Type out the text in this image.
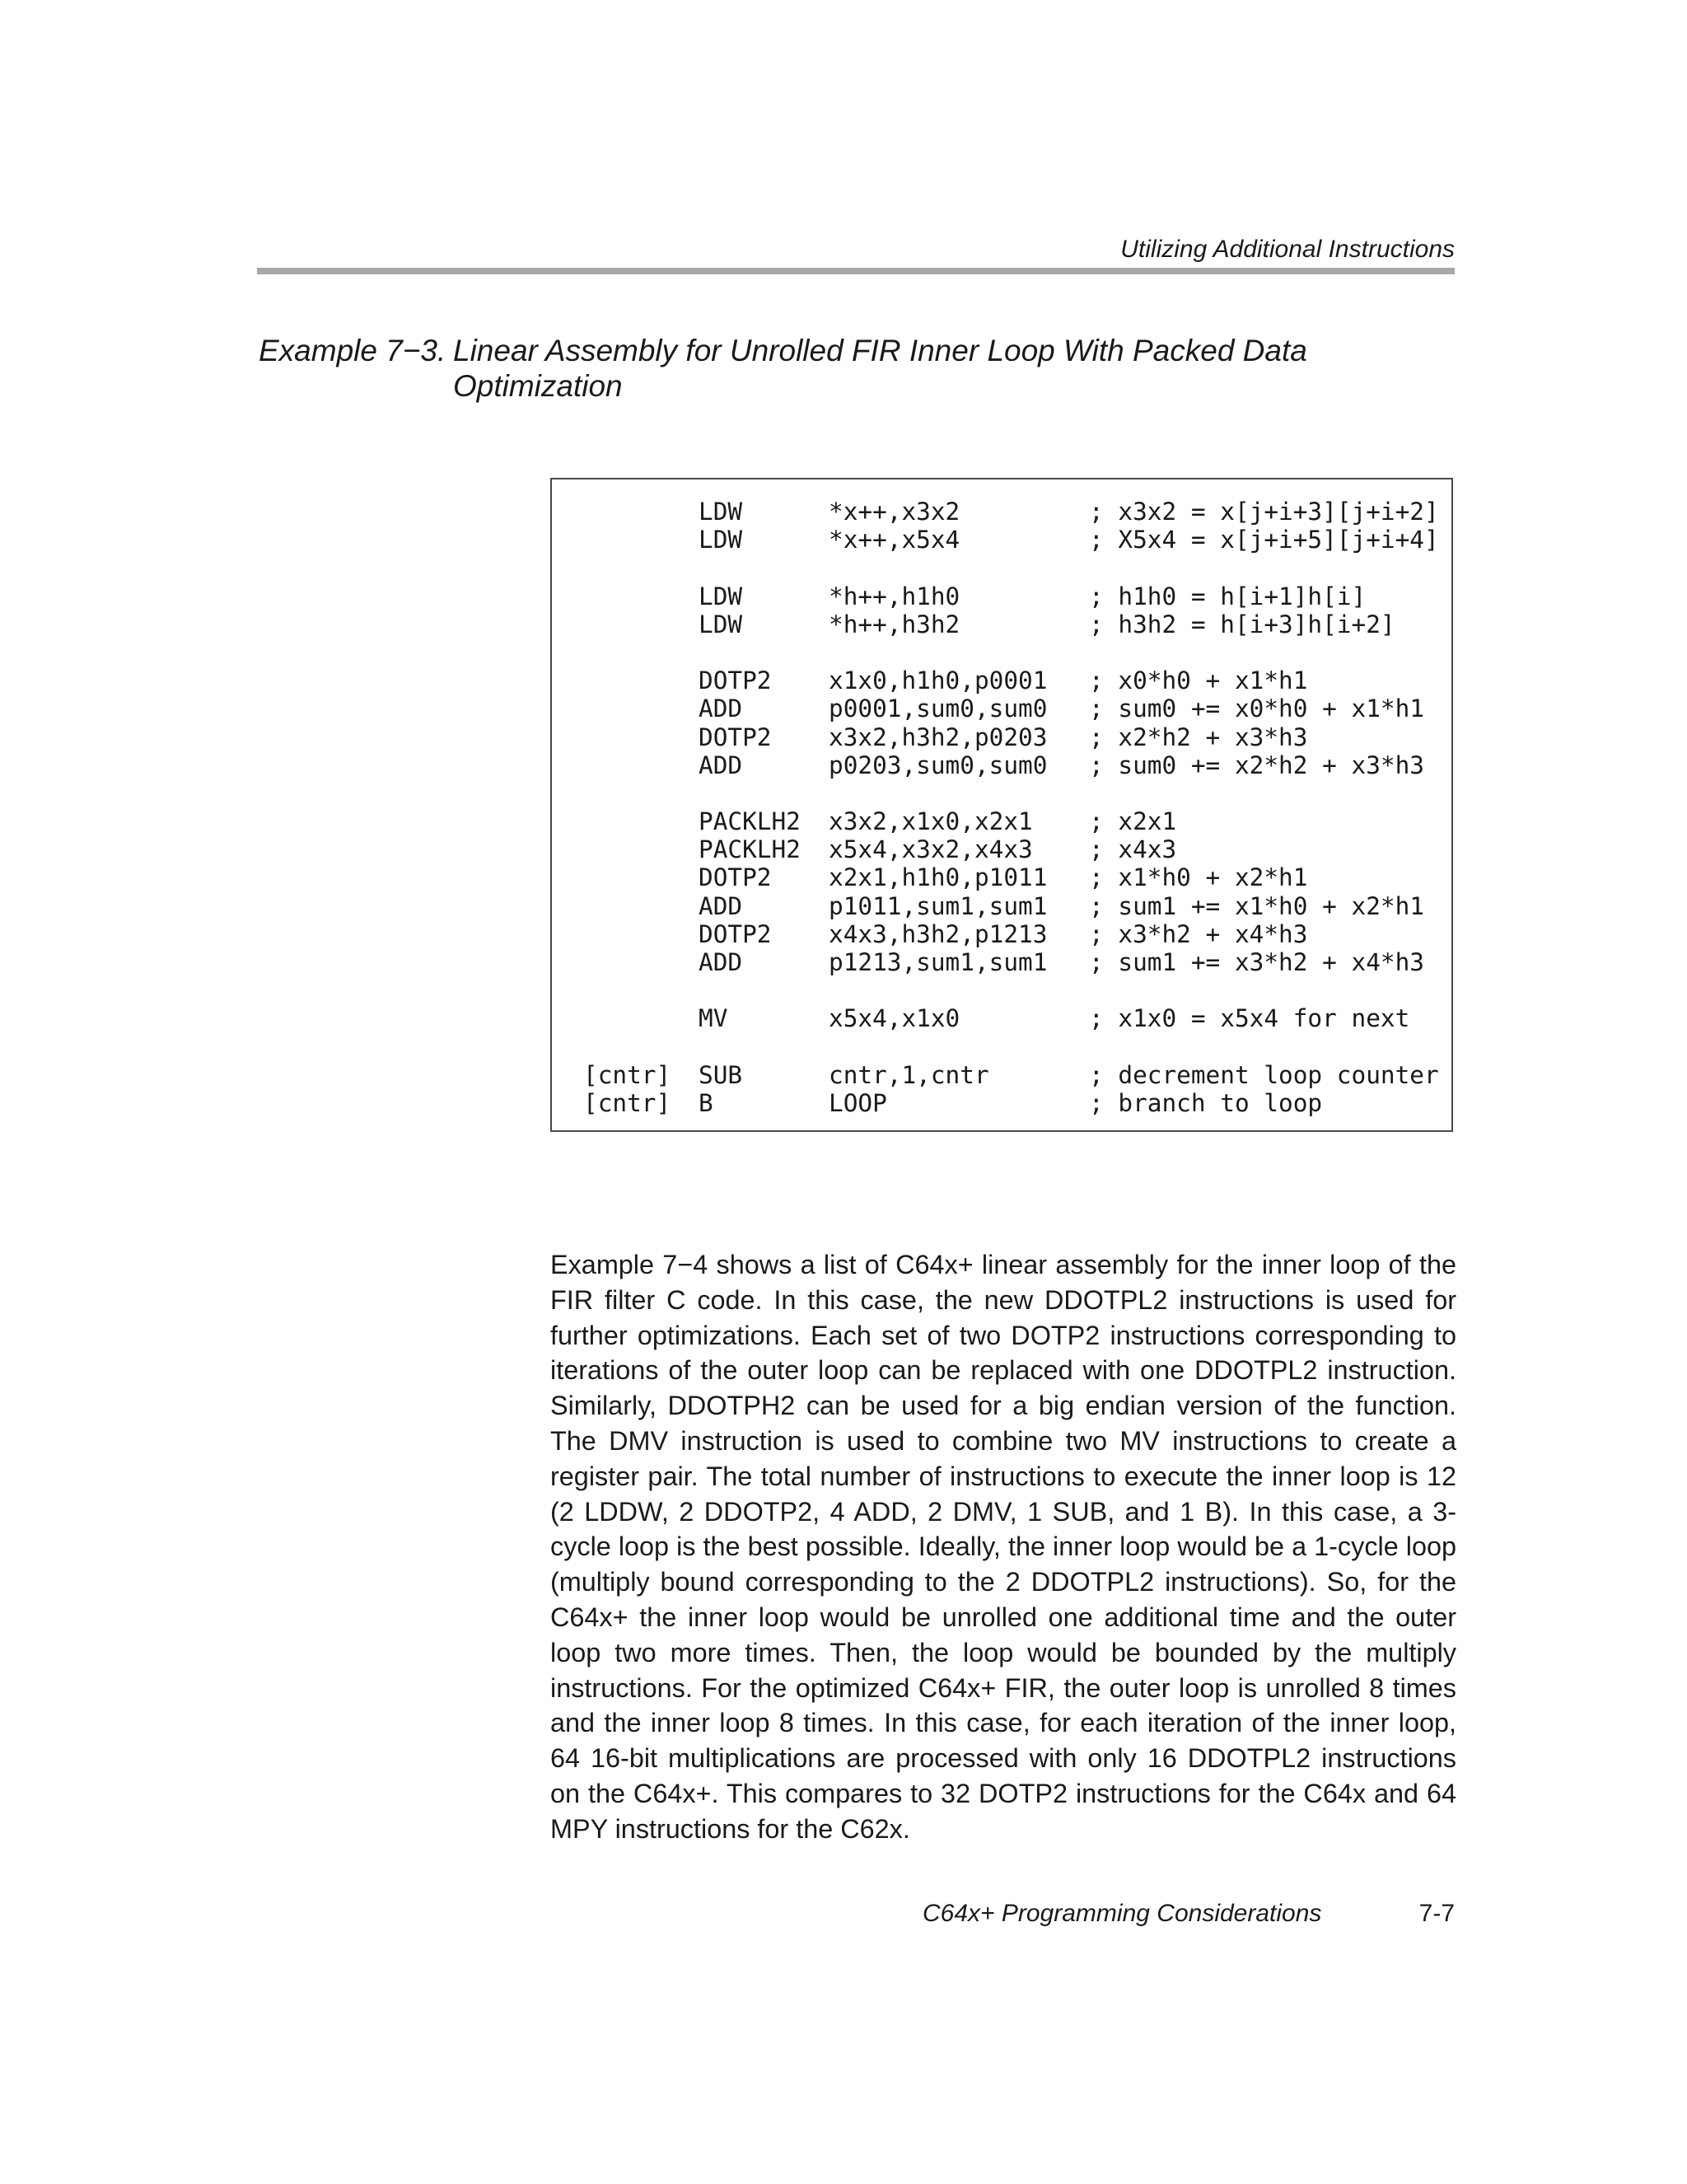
Utilizing Additional Instructions
Example 7−3. Linear Assembly for Unrolled FIR Inner Loop With Packed Data
Optimization
LDW	*x++,x3x2	; x3x2 = x[j+i+3][j+i+2]
LDW	*x++,x5x4	; X5x4 = x[j+i+5][j+i+4]
LDW	*h++,h1h0	; h1h0 = h[i+1]h[i]
LDW	*h++,h3h2	; h3h2 = h[i+3]h[i+2]
DOTP2	x1x0,h1h0,p0001	; x0*h0 + x1*h1
ADD	p0001,sum0,sum0	; sum0 += x0*h0 + x1*h1
DOTP2	x3x2,h3h2,p0203	; x2*h2 + x3*h3
ADD	p0203,sum0,sum0	; sum0 += x2*h2 + x3*h3
PACKLH2	x3x2,x1x0,x2x1	; x2x1
PACKLH2	x5x4,x3x2,x4x3	; x4x3
DOTP2	x2x1,h1h0,p1011	; x1*h0 + x2*h1
ADD	p1011,sum1,sum1	; sum1 += x1*h0 + x2*h1
DOTP2	x4x3,h3h2,p1213	; x3*h2 + x4*h3
ADD	p1213,sum1,sum1	; sum1 += x3*h2 + x4*h3
MV	x5x4,x1x0	; x1x0 = x5x4 for next
[cntr]	SUB	cntr,1,cntr	; decrement loop counter
[cntr]	B	LOOP	; branch to loop
Example 7−4 shows a list of C64x+ linear assembly for the inner loop of the FIR filter C code. In this case, the new DDOTPL2 instructions is used for further optimizations. Each set of two DOTP2 instructions corresponding to iterations of the outer loop can be replaced with one DDOTPL2 instruction. Similarly, DDOTPH2 can be used for a big endian version of the function. The DMV instruction is used to combine two MV instructions to create a register pair. The total number of instructions to execute the inner loop is 12 (2 LDDW, 2 DDOTP2, 4 ADD, 2 DMV, 1 SUB, and 1 B). In this case, a 3-cycle loop is the best possible. Ideally, the inner loop would be a 1-cycle loop (multiply bound corresponding to the 2 DDOTPL2 instructions). So, for the C64x+ the inner loop would be unrolled one additional time and the outer loop two more times. Then, the loop would be bounded by the multiply instructions. For the optimized C64x+ FIR, the outer loop is unrolled 8 times and the inner loop 8 times. In this case, for each iteration of the inner loop, 64 16-bit multiplications are processed with only 16 DDOTPL2 instructions on the C64x+. This compares to 32 DOTP2 instructions for the C64x and 64 MPY instructions for the C62x.
C64x+ Programming Considerations	7-7
